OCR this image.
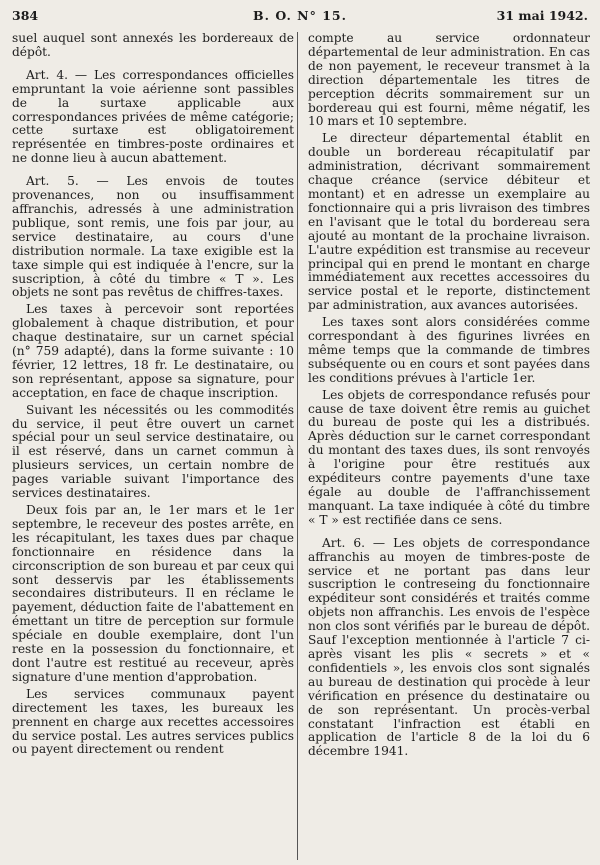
384	B. O. N° 15.	31 mai 1942.

suel auquel sont annexés les bordereaux de dépôt.

Art. 4. — Les correspondances officielles empruntant la voie aérienne sont passibles de la surtaxe applicable aux correspondances privées de même catégorie; cette surtaxe est obligatoirement représentée en timbres-poste ordinaires et ne donne lieu à aucun abattement.

Art. 5. — Les envois de toutes provenances, non ou insuffisamment affranchis, adressés à une administration publique, sont remis, une fois par jour, au service destinataire, au cours d'une distribution normale. La taxe exigible est la taxe simple qui est indiquée à l'encre, sur la suscription, à côté du timbre « T ». Les objets ne sont pas revêtus de chiffres-taxes.

Les taxes à percevoir sont reportées globalement à chaque distribution, et pour chaque destinataire, sur un carnet spécial (n° 759 adapté), dans la forme suivante : 10 février, 12 lettres, 18 fr. Le destinataire, ou son représentant, appose sa signature, pour acceptation, en face de chaque inscription.

Suivant les nécessités ou les commodités du service, il peut être ouvert un carnet spécial pour un seul service destinataire, ou il est réservé, dans un carnet commun à plusieurs services, un certain nombre de pages variable suivant l'importance des services destinataires.

Deux fois par an, le 1er mars et le 1er septembre, le receveur des postes arrête, en les récapitulant, les taxes dues par chaque fonctionnaire en résidence dans la circonscription de son bureau et par ceux qui sont desservis par les établissements secondaires distributeurs. Il en réclame le payement, déduction faite de l'abattement en émettant un titre de perception sur formule spéciale en double exemplaire, dont l'un reste en la possession du fonctionnaire, et dont l'autre est restitué au receveur, après signature d'une mention d'approbation.

Les services communaux payent directement les taxes, les bureaux les prennent en charge aux recettes accessoires du service postal. Les autres services publics ou payent directement ou rendent

compte au service ordonnateur départemental de leur administration. En cas de non payement, le receveur transmet à la direction départementale les titres de perception décrits sommairement sur un bordereau qui est fourni, même négatif, les 10 mars et 10 septembre.

Le directeur départemental établit en double un bordereau récapitulatif par administration, décrivant sommairement chaque créance (service débiteur et montant) et en adresse un exemplaire au fonctionnaire qui a pris livraison des timbres en l'avisant que le total du bordereau sera ajouté au montant de la prochaine livraison. L'autre expédition est transmise au receveur principal qui en prend le montant en charge immédiatement aux recettes accessoires du service postal et le reporte, distinctement par administration, aux avances autorisées.

Les taxes sont alors considérées comme correspondant à des figurines livrées en même temps que la commande de timbres subséquente ou en cours et sont payées dans les conditions prévues à l'article 1er.

Les objets de correspondance refusés pour cause de taxe doivent être remis au guichet du bureau de poste qui les a distribués. Après déduction sur le carnet correspondant du montant des taxes dues, ils sont renvoyés à l'origine pour être restitués aux expéditeurs contre payements d'une taxe égale au double de l'affranchissement manquant. La taxe indiquée à côté du timbre « T » est rectifiée dans ce sens.

Art. 6. — Les objets de correspondance affranchis au moyen de timbres-poste de service et ne portant pas dans leur suscription le contreseing du fonctionnaire expéditeur sont considérés et traités comme objets non affranchis. Les envois de l'espèce non clos sont vérifiés par le bureau de dépôt. Sauf l'exception mentionnée à l'article 7 ci-après visant les plis « secrets » et « confidentiels », les envois clos sont signalés au bureau de destination qui procède à leur vérification en présence du destinataire ou de son représentant. Un procès-verbal constatant l'infraction est établi en application de l'article 8 de la loi du 6 décembre 1941.
